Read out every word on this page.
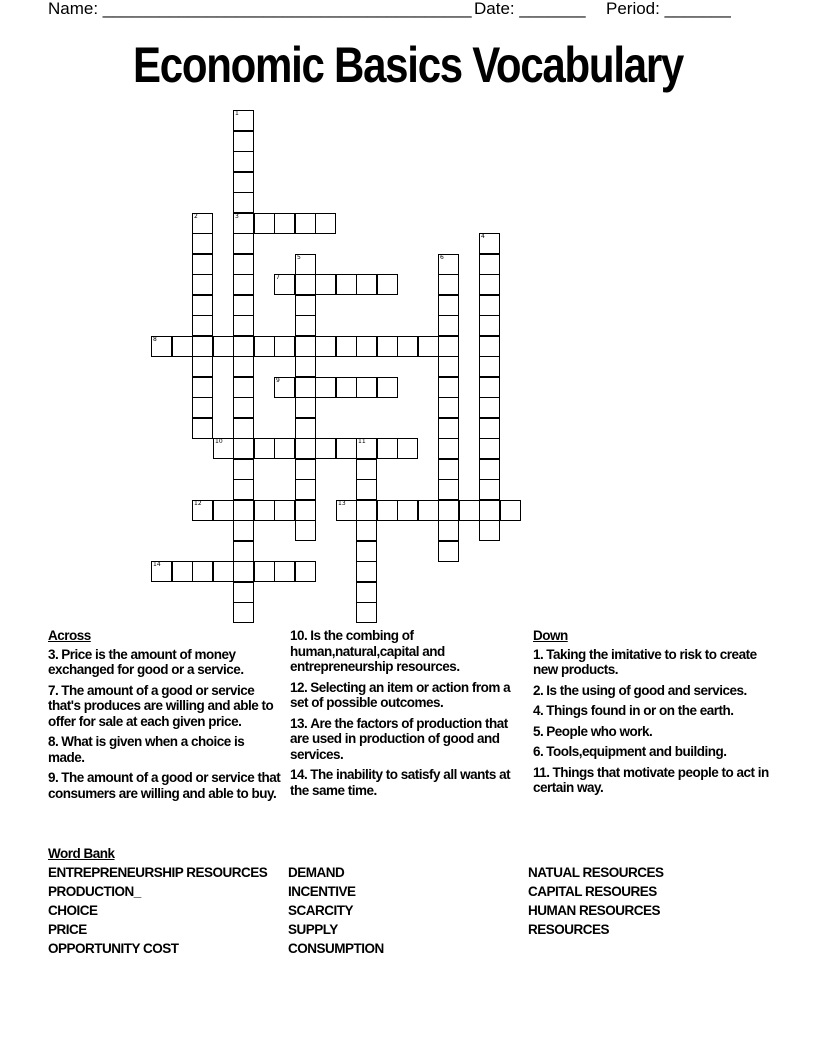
Name: _______________________________________ Date: _______ Period: _______
Economic Basics Vocabulary
1
3
2
4
5	6
7
8
9
10	11
12	13
14
Across
3. Price is the amount of money exchanged for good or a service.
7. The amount of a good or service that's produces are willing and able to offer for sale at each given price.
8. What is given when a choice is made.
9. The amount of a good or service that consumers are willing and able to buy.
10. Is the combing of human,natural,capital and entrepreneurship resources.
12. Selecting an item or action from a set of possible outcomes.
13. Are the factors of production that are used in production of good and services.
14. The inability to satisfy all wants at the same time.
Down
1. Taking the imitative to risk to create new products.
2. Is the using of good and services.
4. Things found in or on the earth.
5. People who work.
6. Tools,equipment and building.
11. Things that motivate people to act in certain way.
Word Bank
ENTREPRENEURSHIP RESOURCES
PRODUCTION_
CHOICE
PRICE
OPPORTUNITY COST
DEMAND
INCENTIVE
SCARCITY
SUPPLY
CONSUMPTION
NATUAL RESOURCES
CAPITAL RESOURES
HUMAN RESOURCES
RESOURCES
